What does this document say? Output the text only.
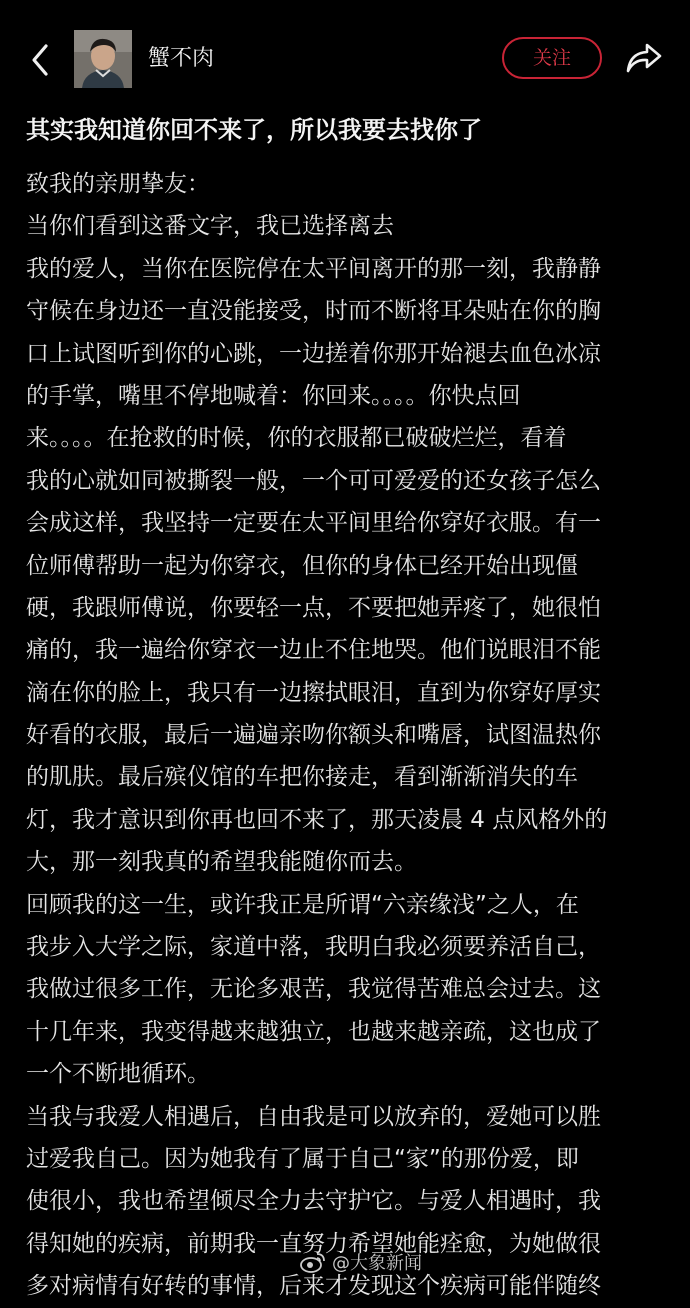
蟹不肉	关注
其实我知道你回不来了，所以我要去找你了
致我的亲朋挚友：
当你们看到这番文字，我已选择离去
我的爱人，当你在医院停在太平间离开的那一刻，我静静
守候在身边还一直没能接受，时而不断将耳朵贴在你的胸
口上试图听到你的心跳，一边搓着你那开始褪去血色冰凉
的手掌，嘴里不停地喊着：你回来。。。。你快点回
来。。。。在抢救的时候，你的衣服都已破破烂烂，看着
我的心就如同被撕裂一般，一个可可爱爱的还女孩子怎么
会成这样，我坚持一定要在太平间里给你穿好衣服。有一
位师傅帮助一起为你穿衣，但你的身体已经开始出现僵
硬，我跟师傅说，你要轻一点，不要把她弄疼了，她很怕
痛的，我一遍给你穿衣一边止不住地哭。他们说眼泪不能
滴在你的脸上，我只有一边擦拭眼泪，直到为你穿好厚实
好看的衣服，最后一遍遍亲吻你额头和嘴唇，试图温热你
的肌肤。最后殡仪馆的车把你接走，看到渐渐消失的车
灯，我才意识到你再也回不来了，那天凌晨 4 点风格外的
大，那一刻我真的希望我能随你而去。
回顾我的这一生，或许我正是所谓“六亲缘浅”之人，在
我步入大学之际，家道中落，我明白我必须要养活自己，
我做过很多工作，无论多艰苦，我觉得苦难总会过去。这
十几年来，我变得越来越独立，也越来越亲疏，这也成了
一个不断地循环。
当我与我爱人相遇后，自由我是可以放弃的，爱她可以胜
过爱我自己。因为她我有了属于自己“家”的那份爱，即
使很小，我也希望倾尽全力去守护它。与爱人相遇时，我
得知她的疾病，前期我一直努力希望她能痊愈，为她做很
多对病情有好转的事情，后来才发现这个疾病可能伴随终
@大象新闻
